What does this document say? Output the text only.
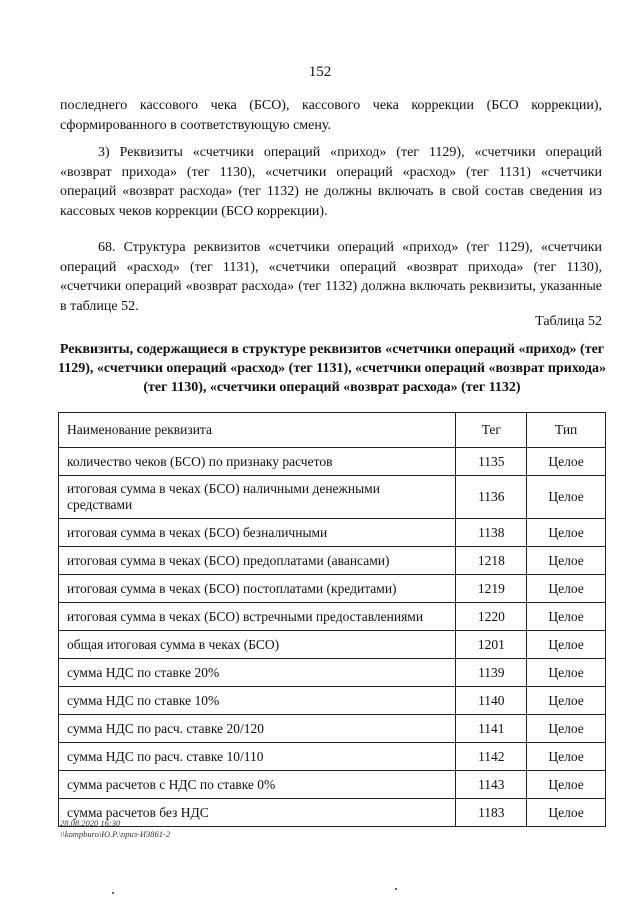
152

последнего кассового чека (БСО), кассового чека коррекции (БСО коррекции), сформированного в соответствующую смену.

3) Реквизиты «счетчики операций «приход» (тег 1129), «счетчики операций «возврат прихода» (тег 1130), «счетчики операций «расход» (тег 1131) «счетчики операций «возврат расхода» (тег 1132) не должны включать в свой состав сведения из кассовых чеков коррекции (БСО коррекции).

68. Структура реквизитов «счетчики операций «приход» (тег 1129), «счетчики операций «расход» (тег 1131), «счетчики операций «возврат прихода» (тег 1130), «счетчики операций «возврат расхода» (тег 1132) должна включать реквизиты, указанные в таблице 52.

Таблица 52
Реквизиты, содержащиеся в структуре реквизитов «счетчики операций «приход» (тег 1129), «счетчики операций «расход» (тег 1131), «счетчики операций «возврат прихода» (тег 1130), «счетчики операций «возврат расхода» (тег 1132)
Наименование реквизита	Тег	Тип
количество чеков (БСО) по признаку расчетов	1135	Целое
итоговая сумма в чеках (БСО) наличными денежными средствами	1136	Целое
итоговая сумма в чеках (БСО) безналичными	1138	Целое
итоговая сумма в чеках (БСО) предоплатами (авансами)	1218	Целое
итоговая сумма в чеках (БСО) постоплатами (кредитами)	1219	Целое
итоговая сумма в чеках (БСО) встречными предоставлениями	1220	Целое
общая итоговая сумма в чеках (БСО)	1201	Целое
сумма НДС по ставке 20%	1139	Целое
сумма НДС по ставке 10%	1140	Целое
сумма НДС по расч. ставке 20/120	1141	Целое
сумма НДС по расч. ставке 10/110	1142	Целое
сумма расчетов с НДС по ставке 0%	1143	Целое
сумма расчетов без НДС	1183	Целое
28.08.2020 16:30
\\kompburo\Ю.Р.\приз-И3861-2
